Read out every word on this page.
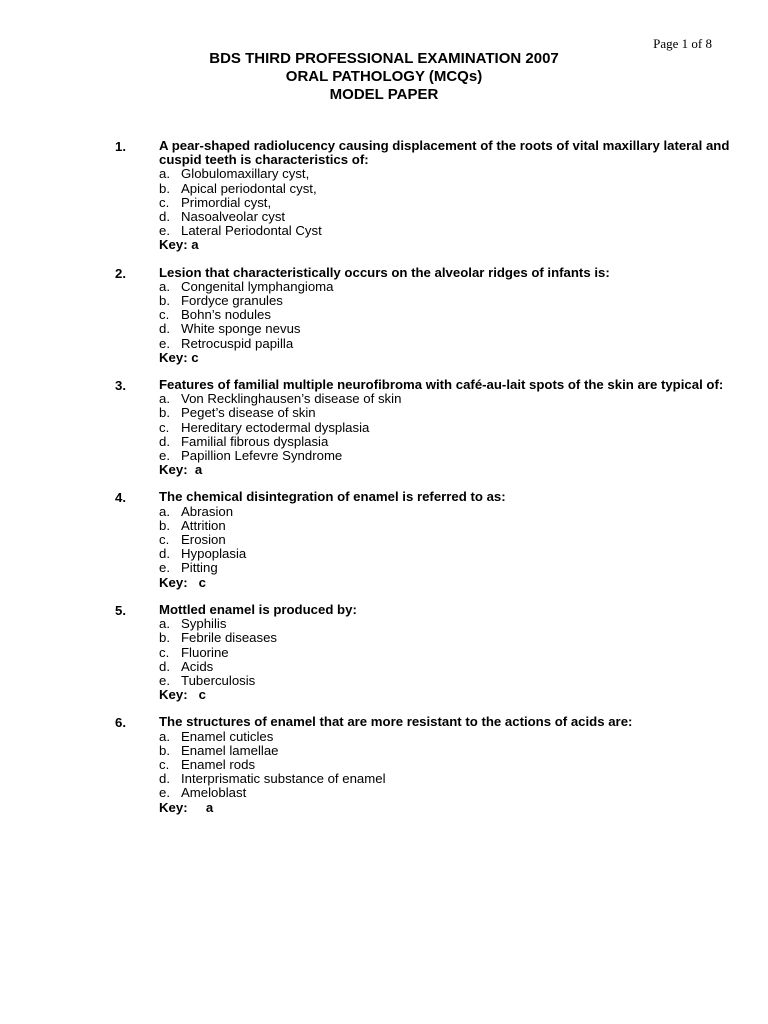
Page 1 of 8
BDS THIRD PROFESSIONAL EXAMINATION 2007
ORAL PATHOLOGY (MCQs)
MODEL PAPER
1.	A pear-shaped radiolucency causing displacement of the roots of vital maxillary lateral and cuspid teeth is characteristics of:
a. Globulomaxillary cyst,
b. Apical periodontal cyst,
c. Primordial cyst,
d. Nasoalveolar cyst
e. Lateral Periodontal Cyst
Key: a
2.	Lesion that characteristically occurs on the alveolar ridges of infants is:
a. Congenital lymphangioma
b. Fordyce granules
c. Bohn’s nodules
d. White sponge nevus
e. Retrocuspid papilla
Key: c
3.	Features of familial multiple neurofibroma with café-au-lait spots of the skin are typical of:
a. Von Recklinghausen’s disease of skin
b. Peget’s disease of skin
c. Hereditary ectodermal dysplasia
d. Familial fibrous dysplasia
e. Papillion Lefevre Syndrome
Key:  a
4.	The chemical disintegration of enamel is referred to as:
a. Abrasion
b. Attrition
c. Erosion
d. Hypoplasia
e. Pitting
Key:   c
5.	Mottled enamel is produced by:
a. Syphilis
b. Febrile diseases
c. Fluorine
d. Acids
e. Tuberculosis
Key:   c
6.	The structures of enamel that are more resistant to the actions of acids are:
a. Enamel cuticles
b. Enamel lamellae
c. Enamel rods
d. Interprismatic substance of enamel
e. Ameloblast
Key:     a
